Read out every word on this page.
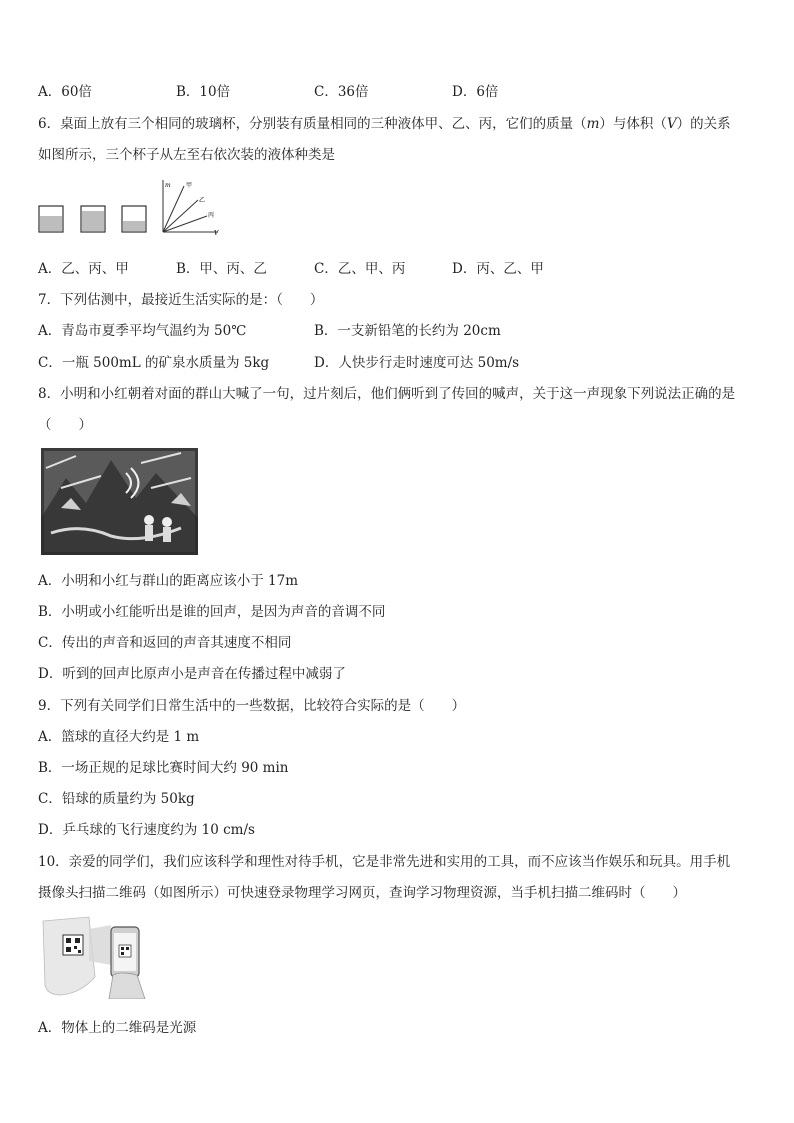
A．60倍	B．10倍	C．36倍	D．6倍
6．桌面上放有三个相同的玻璃杯，分别装有质量相同的三种液体甲、乙、丙，它们的质量（m）与体积（V）的关系
如图所示，三个杯子从左至右依次装的液体种类是
m	甲
乙
丙
V
A．乙、丙、甲	B．甲、丙、乙	C．乙、甲、丙	D．丙、乙、甲
7．下列估测中，最接近生活实际的是：（　　）
A．青岛市夏季平均气温约为 50℃	B．一支新铅笔的长约为 20cm
C．一瓶 500mL 的矿泉水质量为 5kg	D．人快步行走时速度可达 50m/s
8．小明和小红朝着对面的群山大喊了一句，过片刻后，他们俩听到了传回的喊声，关于这一声现象下列说法正确的是
（　　）
A．小明和小红与群山的距离应该小于 17m
B．小明或小红能听出是谁的回声，是因为声音的音调不同
C．传出的声音和返回的声音其速度不相同
D．听到的回声比原声小是声音在传播过程中减弱了
9．下列有关同学们日常生活中的一些数据，比较符合实际的是（　　）
A．篮球的直径大约是 1 m
B．一场正规的足球比赛时间大约 90 min
C．铅球的质量约为 50kg
D．乒乓球的飞行速度约为 10 cm/s
10．亲爱的同学们，我们应该科学和理性对待手机，它是非常先进和实用的工具，而不应该当作娱乐和玩具。用手机
摄像头扫描二维码（如图所示）可快速登录物理学习网页，查询学习物理资源，当手机扫描二维码时（　　）
A．物体上的二维码是光源
